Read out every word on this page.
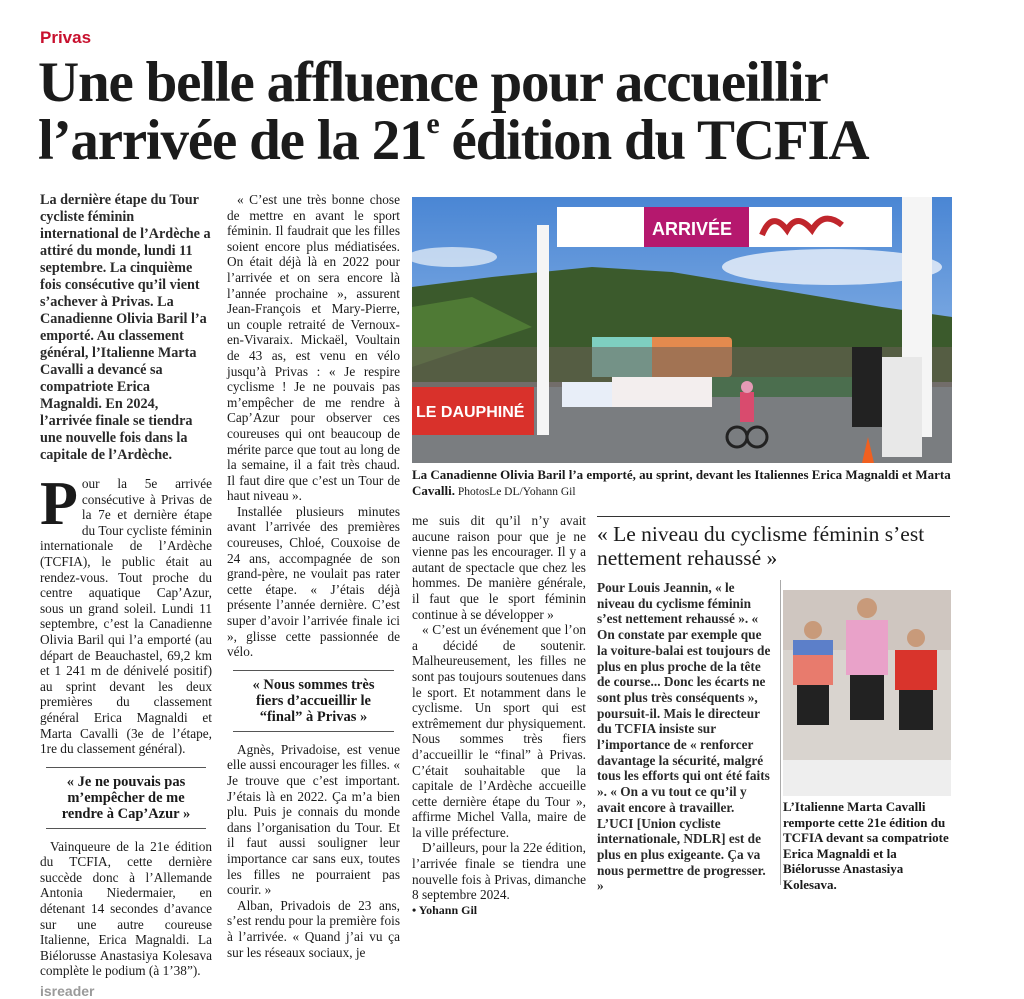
Privas
Une belle affluence pour accueillir
l’arrivée de la 21e édition du TCFIA
La dernière étape du Tour cycliste féminin international de l’Ardèche a attiré du monde, lundi 11 septembre. La cinquième fois consécutive qu’il vient s’achever à Privas. La Canadienne Olivia Baril l’a emporté. Au classement général, l’Italienne Marta Cavalli a devancé sa compatriote Erica Magnaldi. En 2024, l’arrivée finale se tiendra une nouvelle fois dans la capitale de l’Ardèche.
P our la 5e arrivée consécutive à Privas de la 7e et dernière étape du Tour cycliste féminin internationale de l’Ardèche (TCFIA), le public était au rendez-vous. Tout proche du centre aquatique Cap’Azur, sous un grand soleil. Lundi 11 septembre, c’est la Canadienne Olivia Baril qui l’a emporté (au départ de Beauchastel, 69,2 km et 1 241 m de dénivelé positif) au sprint devant les deux premières du classement général Erica Magnaldi et Marta Cavalli (3e de l’étape, 1re du classement général).

« Je ne pouvais pas m’empêcher de me rendre à Cap’Azur »

Vainqueure de la 21e édition du TCFIA, cette dernière succède donc à l’Allemande Antonia Niedermaier, en détenant 14 secondes d’avance sur une autre coureuse Italienne, Erica Magnaldi. La Biélorusse Anastasiya Kolesava complète le podium (à 1’38”).

isreader

« C’est une très bonne chose de mettre en avant le sport féminin. Il faudrait que les filles soient encore plus médiatisées. On était déjà là en 2022 pour l’arrivée et on sera encore là l’année prochaine », assurent Jean-François et Mary-Pierre, un couple retraité de Vernoux-en-Vivaraix. Mickaël, Voultain de 43 as, est venu en vélo jusqu’à Privas : « Je respire cyclisme ! Je ne pouvais pas m’empêcher de me rendre à Cap’Azur pour observer ces coureuses qui ont beaucoup de mérite parce que tout au long de la semaine, il a fait très chaud. Il faut dire que c’est un Tour de haut niveau ».

Installée plusieurs minutes avant l’arrivée des premières coureuses, Chloé, Couxoise de 24 ans, accompagnée de son grand-père, ne voulait pas rater cette étape. « J’étais déjà présente l’année dernière. C’est super d’avoir l’arrivée finale ici », glisse cette passionnée de vélo.

« Nous sommes très fiers d’accueillir le “final” à Privas »

Agnès, Privadoise, est venue elle aussi encourager les filles. « Je trouve que c’est important. J’étais là en 2022. Ça m’a bien plu. Puis je connais du monde dans l’organisation du Tour. Et il faut aussi souligner leur importance car sans eux, toutes les filles ne pourraient pas courir. »

Alban, Privadois de 23 ans, s’est rendu pour la première fois à l’arrivée. « Quand j’ai vu ça sur les réseaux sociaux, je

me suis dit qu’il n’y avait aucune raison pour que je ne vienne pas les encourager. Il y a autant de spectacle que chez les hommes. De manière générale, il faut que le sport féminin continue à se développer »

« C’est un événement que l’on a décidé de soutenir. Malheureusement, les filles ne sont pas toujours soutenues dans le sport. Et notamment dans le cyclisme. Un sport qui est extrêmement dur physiquement. Nous sommes très fiers d’accueillir le “final” à Privas. C’était souhaitable que la capitale de l’Ardèche accueille cette dernière étape du Tour », affirme Michel Valla, maire de la ville préfecture.

D’ailleurs, pour la 22e édition, l’arrivée finale se tiendra une nouvelle fois à Privas, dimanche 8 septembre 2024.

• Yohann Gil
ARRIVÉE
LE DAUPHINÉ
La Canadienne Olivia Baril l’a emporté, au sprint, devant les Italiennes Erica Magnaldi et Marta Cavalli. PhotosLe DL/Yohann Gil
« Le niveau du cyclisme féminin s’est nettement rehaussé »
Pour Louis Jeannin, « le niveau du cyclisme féminin s’est nettement rehaussé ». « On constate par exemple que la voiture-balai est toujours de plus en plus proche de la tête de course... Donc les écarts ne sont plus très conséquents », poursuit-il. Mais le directeur du TCFIA insiste sur l’importance de « renforcer davantage la sécurité, malgré tous les efforts qui ont été faits ». « On a vu tout ce qu’il y avait encore à travailler. L’UCI [Union cycliste internationale, NDLR] est de plus en plus exigeante. Ça va nous permettre de progresser. »
L’Italienne Marta Cavalli remporte cette 21e édition du TCFIA devant sa compatriote Erica Magnaldi et la Biélorusse Anastasiya Kolesava.
